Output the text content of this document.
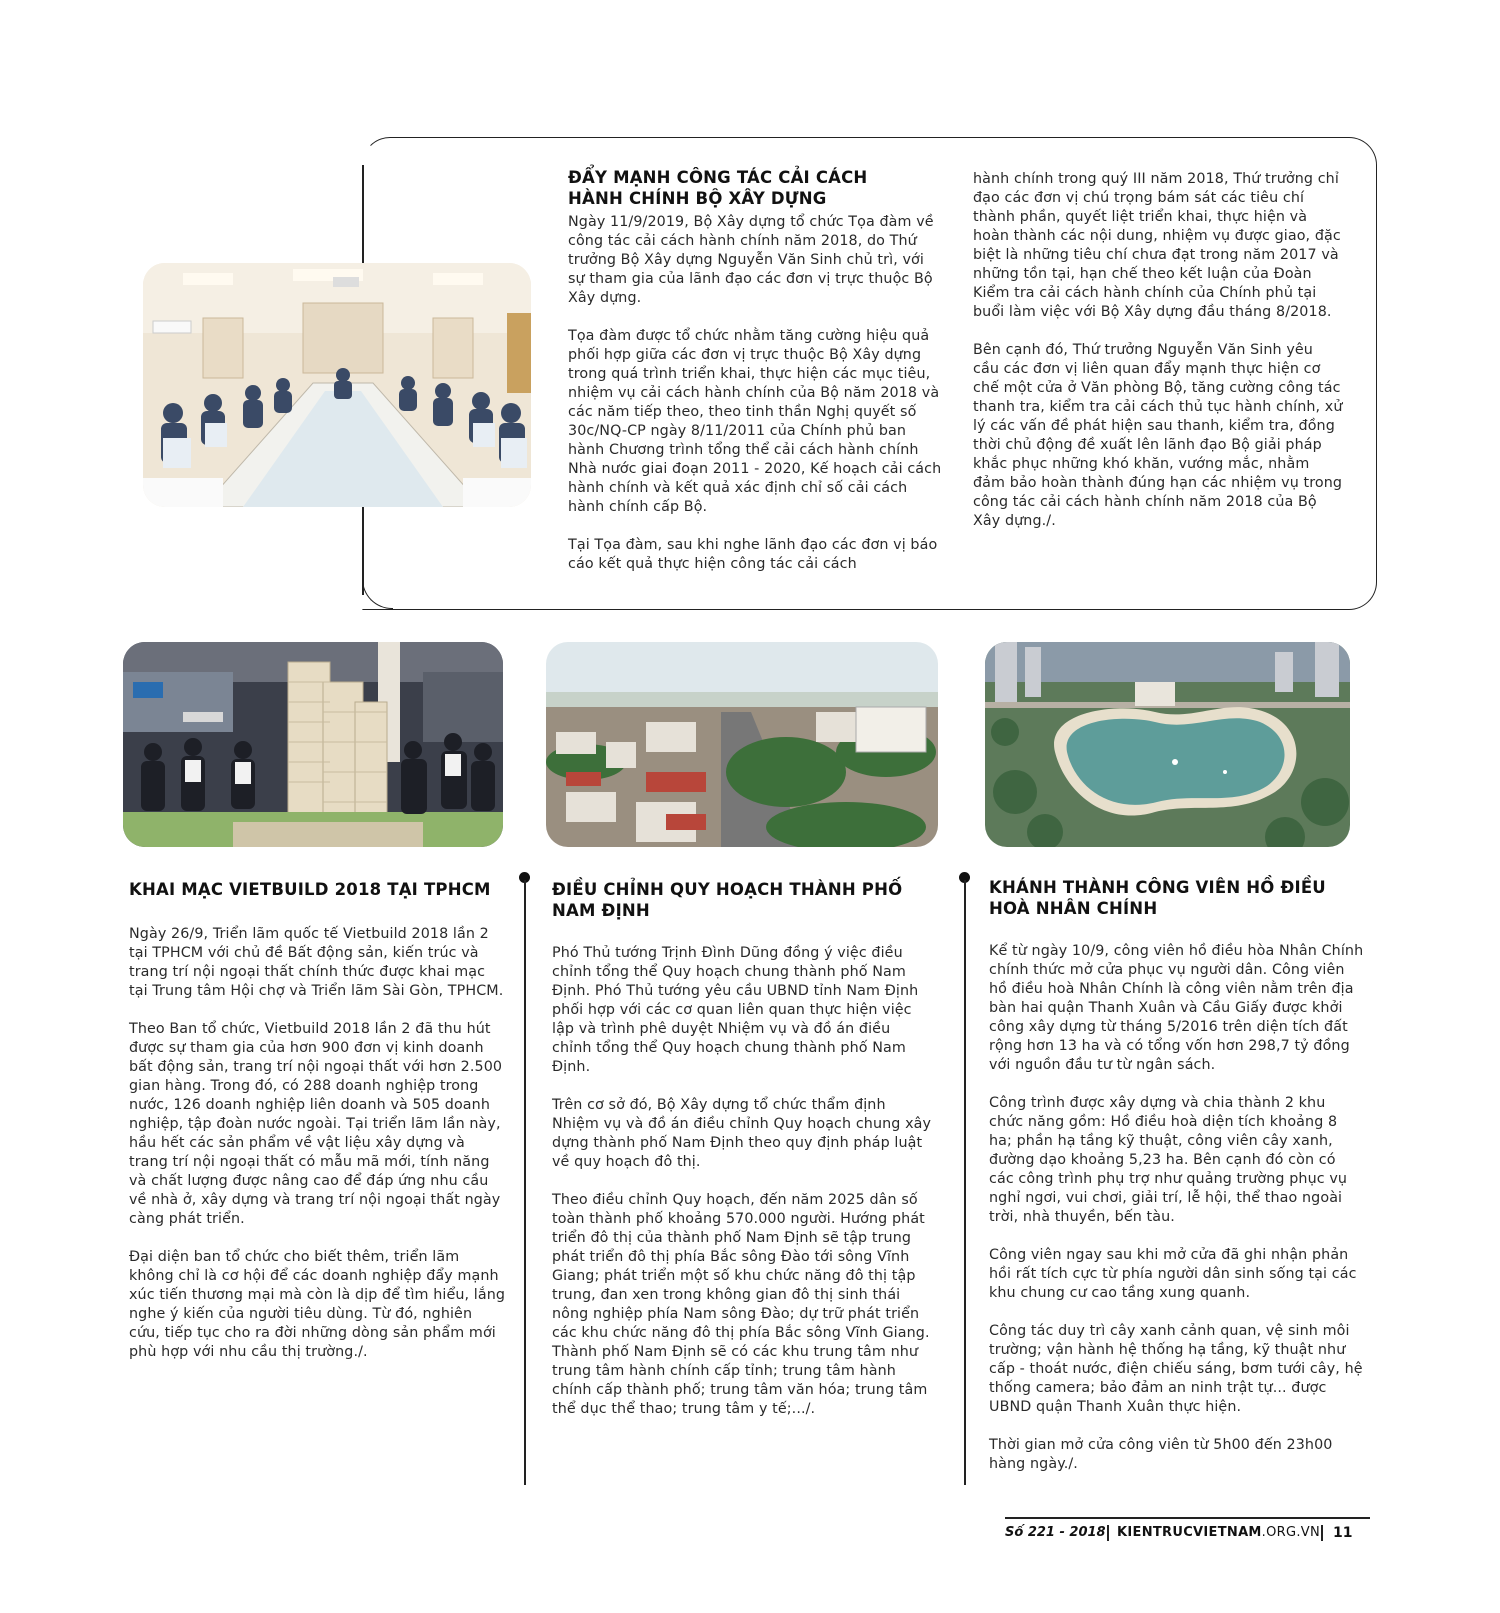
ĐẨY MẠNH CÔNG TÁC CẢI CÁCH HÀNH CHÍNH BỘ XÂY DỰNG

Ngày 11/9/2019, Bộ Xây dựng tổ chức Tọa đàm về công tác cải cách hành chính năm 2018, do Thứ trưởng Bộ Xây dựng Nguyễn Văn Sinh chủ trì, với sự tham gia của lãnh đạo các đơn vị trực thuộc Bộ Xây dựng.

Tọa đàm được tổ chức nhằm tăng cường hiệu quả phối hợp giữa các đơn vị trực thuộc Bộ Xây dựng trong quá trình triển khai, thực hiện các mục tiêu, nhiệm vụ cải cách hành chính của Bộ năm 2018 và các năm tiếp theo, theo tinh thần Nghị quyết số 30c/NQ-CP ngày 8/11/2011 của Chính phủ ban hành Chương trình tổng thể cải cách hành chính Nhà nước giai đoạn 2011 - 2020, Kế hoạch cải cách hành chính và kết quả xác định chỉ số cải cách hành chính cấp Bộ.

Tại Tọa đàm, sau khi nghe lãnh đạo các đơn vị báo cáo kết quả thực hiện công tác cải cách

hành chính trong quý III năm 2018, Thứ trưởng chỉ đạo các đơn vị chú trọng bám sát các tiêu chí thành phần, quyết liệt triển khai, thực hiện và hoàn thành các nội dung, nhiệm vụ được giao, đặc biệt là những tiêu chí chưa đạt trong năm 2017 và những tồn tại, hạn chế theo kết luận của Đoàn Kiểm tra cải cách hành chính của Chính phủ tại buổi làm việc với Bộ Xây dựng đầu tháng 8/2018.

Bên cạnh đó, Thứ trưởng Nguyễn Văn Sinh yêu cầu các đơn vị liên quan đẩy mạnh thực hiện cơ chế một cửa ở Văn phòng Bộ, tăng cường công tác thanh tra, kiểm tra cải cách thủ tục hành chính, xử lý các vấn đề phát hiện sau thanh, kiểm tra, đồng thời chủ động đề xuất lên lãnh đạo Bộ giải pháp khắc phục những khó khăn, vướng mắc, nhằm đảm bảo hoàn thành đúng hạn các nhiệm vụ trong công tác cải cách hành chính năm 2018 của Bộ Xây dựng./.

KHAI MẠC VIETBUILD 2018 TẠI TPHCM

Ngày 26/9, Triển lãm quốc tế Vietbuild 2018 lần 2 tại TPHCM với chủ đề Bất động sản, kiến trúc và trang trí nội ngoại thất chính thức được khai mạc tại Trung tâm Hội chợ và Triển lãm Sài Gòn, TPHCM.

Theo Ban tổ chức, Vietbuild 2018 lần 2 đã thu hút được sự tham gia của hơn 900 đơn vị kinh doanh bất động sản, trang trí nội ngoại thất với hơn 2.500 gian hàng. Trong đó, có 288 doanh nghiệp trong nước, 126 doanh nghiệp liên doanh và 505 doanh nghiệp, tập đoàn nước ngoài. Tại triển lãm lần này, hầu hết các sản phẩm về vật liệu xây dựng và trang trí nội ngoại thất có mẫu mã mới, tính năng và chất lượng được nâng cao để đáp ứng nhu cầu về nhà ở, xây dựng và trang trí nội ngoại thất ngày càng phát triển.

Đại diện ban tổ chức cho biết thêm, triển lãm không chỉ là cơ hội để các doanh nghiệp đẩy mạnh xúc tiến thương mại mà còn là dịp để tìm hiểu, lắng nghe ý kiến của người tiêu dùng. Từ đó, nghiên cứu, tiếp tục cho ra đời những dòng sản phẩm mới phù hợp với nhu cầu thị trường./.

ĐIỀU CHỈNH QUY HOẠCH THÀNH PHỐ NAM ĐỊNH

Phó Thủ tướng Trịnh Đình Dũng đồng ý việc điều chỉnh tổng thể Quy hoạch chung thành phố Nam Định. Phó Thủ tướng yêu cầu UBND tỉnh Nam Định phối hợp với các cơ quan liên quan thực hiện việc lập và trình phê duyệt Nhiệm vụ và đồ án điều chỉnh tổng thể Quy hoạch chung thành phố Nam Định.

Trên cơ sở đó, Bộ Xây dựng tổ chức thẩm định Nhiệm vụ và đồ án điều chỉnh Quy hoạch chung xây dựng thành phố Nam Định theo quy định pháp luật về quy hoạch đô thị.

Theo điều chỉnh Quy hoạch, đến năm 2025 dân số toàn thành phố khoảng 570.000 người. Hướng phát triển đô thị của thành phố Nam Định sẽ tập trung phát triển đô thị phía Bắc sông Đào tới sông Vĩnh Giang; phát triển một số khu chức năng đô thị tập trung, đan xen trong không gian đô thị sinh thái nông nghiệp phía Nam sông Đào; dự trữ phát triển các khu chức năng đô thị phía Bắc sông Vĩnh Giang. Thành phố Nam Định sẽ có các khu trung tâm như trung tâm hành chính cấp tỉnh; trung tâm hành chính cấp thành phố; trung tâm văn hóa; trung tâm thể dục thể thao; trung tâm y tế;.../.

KHÁNH THÀNH CÔNG VIÊN HỒ ĐIỀU HOÀ NHÂN CHÍNH

Kể từ ngày 10/9, công viên hồ điều hòa Nhân Chính chính thức mở cửa phục vụ người dân. Công viên hồ điều hoà Nhân Chính là công viên nằm trên địa bàn hai quận Thanh Xuân và Cầu Giấy được khởi công xây dựng từ tháng 5/2016 trên diện tích đất rộng hơn 13 ha và có tổng vốn hơn 298,7 tỷ đồng với nguồn đầu tư từ ngân sách.

Công trình được xây dựng và chia thành 2 khu chức năng gồm: Hồ điều hoà diện tích khoảng 8 ha; phần hạ tầng kỹ thuật, công viên cây xanh, đường dạo khoảng 5,23 ha. Bên cạnh đó còn có các công trình phụ trợ như quảng trường phục vụ nghỉ ngơi, vui chơi, giải trí, lễ hội, thể thao ngoài trời, nhà thuyền, bến tàu.

Công viên ngay sau khi mở cửa đã ghi nhận phản hồi rất tích cực từ phía người dân sinh sống tại các khu chung cư cao tầng xung quanh.

Công tác duy trì cây xanh cảnh quan, vệ sinh môi trường; vận hành hệ thống hạ tầng, kỹ thuật như cấp - thoát nước, điện chiếu sáng, bơm tưới cây, hệ thống camera; bảo đảm an ninh trật tự... được UBND quận Thanh Xuân thực hiện.

Thời gian mở cửa công viên từ 5h00 đến 23h00 hàng ngày./.

Số 221 - 2018 KIENTRUCVIETNAM.ORG.VN 11
